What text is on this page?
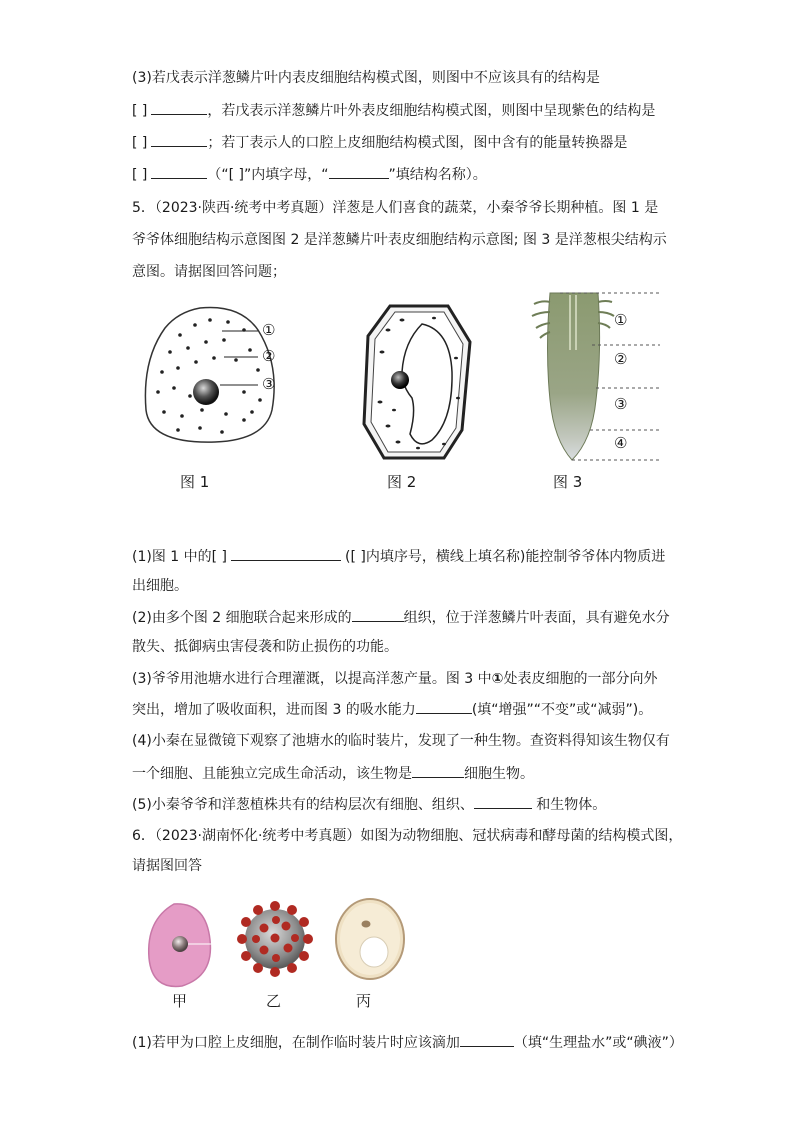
(3)若戊表示洋葱鳞片叶内表皮细胞结构模式图，则图中不应该具有的结构是
[ ]	，若戊表示洋葱鳞片叶外表皮细胞结构模式图，则图中呈现紫色的结构是
[ ]	；若丁表示人的口腔上皮细胞结构模式图，图中含有的能量转换器是
[ ]	（“[ ]”内填字母，“	”填结构名称）。
5．（2023·陕西·统考中考真题）洋葱是人们喜食的蔬菜，小秦爷爷长期种植。图 1 是
爷爷体细胞结构示意图图 2 是洋葱鳞片叶表皮细胞结构示意图; 图 3 是洋葱根尖结构示
意图。请据图回答问题；
①
②
③
①
②
③
④
图 1	图 2	图 3
(1)图 1 中的[ ]	([ ]内填序号，横线上填名称)能控制爷爷体内物质进
出细胞。
(2)由多个图 2 细胞联合起来形成的	组织，位于洋葱鳞片叶表面，具有避免水分
散失、抵御病虫害侵袭和防止损伤的功能。
(3)爷爷用池塘水进行合理灌溉，以提高洋葱产量。图 3 中①处表皮细胞的一部分向外
突出，增加了吸收面积，进而图 3 的吸水能力	(填“增强”“不变”或“减弱”)。
(4)小秦在显微镜下观察了池塘水的临时装片，发现了一种生物。查资料得知该生物仅有
一个细胞、且能独立完成生命活动，该生物是	细胞生物。
(5)小秦爷爷和洋葱植株共有的结构层次有细胞、组织、	和生物体。
6．（2023·湖南怀化·统考中考真题）如图为动物细胞、冠状病毒和酵母菌的结构模式图，
请据图回答
甲	乙	丙
(1)若甲为口腔上皮细胞，在制作临时装片时应该滴加	（填“生理盐水”或“碘液”）
